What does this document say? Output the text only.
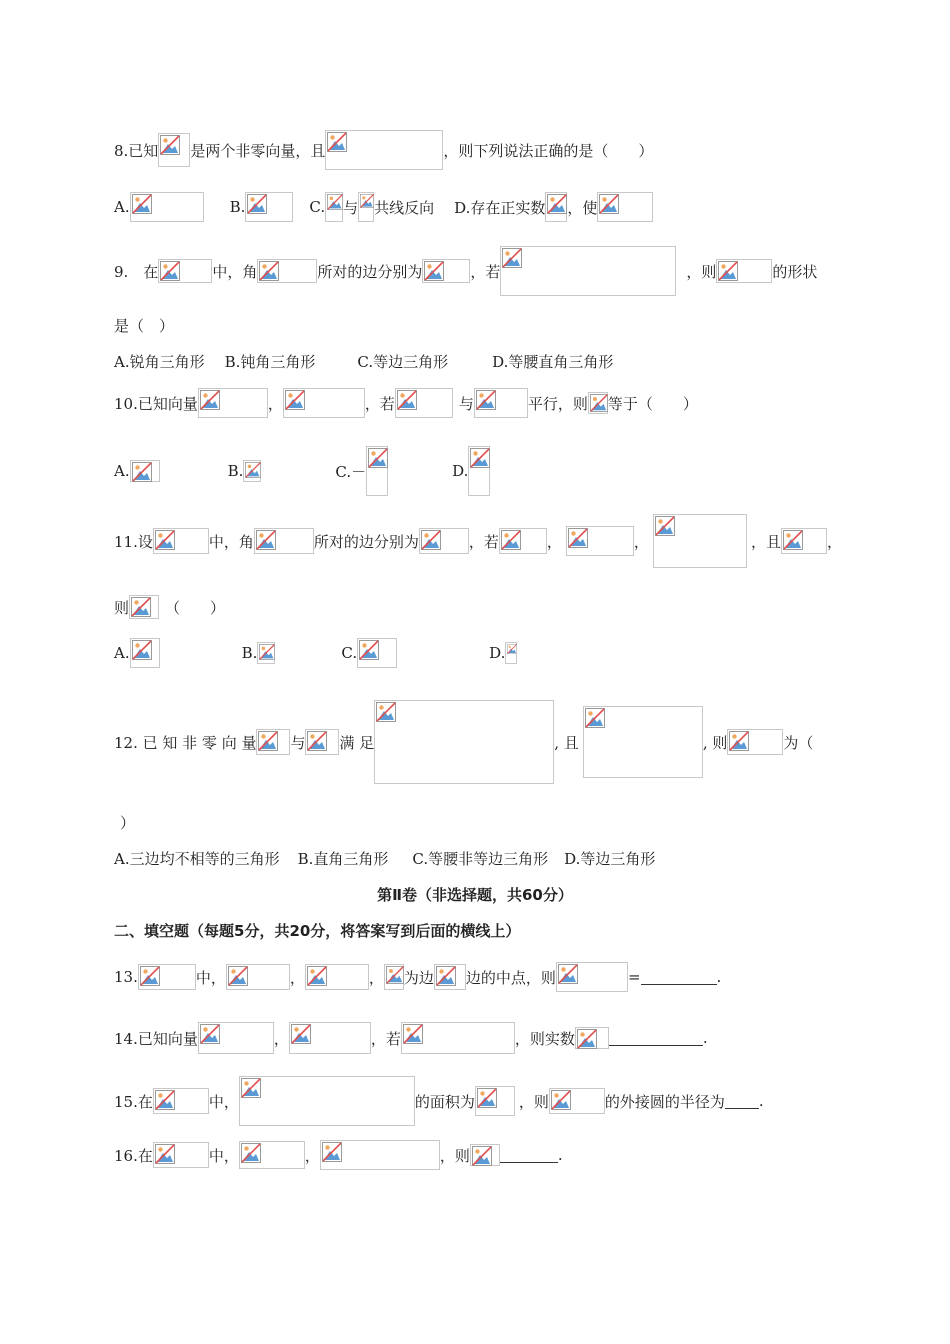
8.已知 是两个非零向量，且	，则下列说法正确的是（　　）
A.	B.	C. 与 共线反向 D.存在正实数 ，使
9.　在	中，角	所对的边分别为	，若	，则	的形状
是（　）
A.锐角三角形 B.钝角三角形	C.等边三角形	D.等腰直角三角形
10.已知向量	，	，若	与	平行，则 等于（　　）
A.	B.	C.－	D.
11.设	中，角	所对的边分别为	，若	，	，	，且	，
则 （　　）
A.	B.	C.	D.
12. 已 知 非 零 向 量 与 满 足	, 且	, 则	为（
）
A.三边均不相等的三角形 B.直角三角形 C.等腰非等边三角形 D.等边三角形
第Ⅱ卷（非选择题，共60分）
二、填空题（每题5分，共20分，将答案写到后面的横线上）
13.	中，	，	， 为边 边的中点，则	=	.
14.已知向量	，	，若	，则实数	.
15.在	中，	的面积为	，则	的外接圆的半径为 .
16.在	中，	，	，则	.
